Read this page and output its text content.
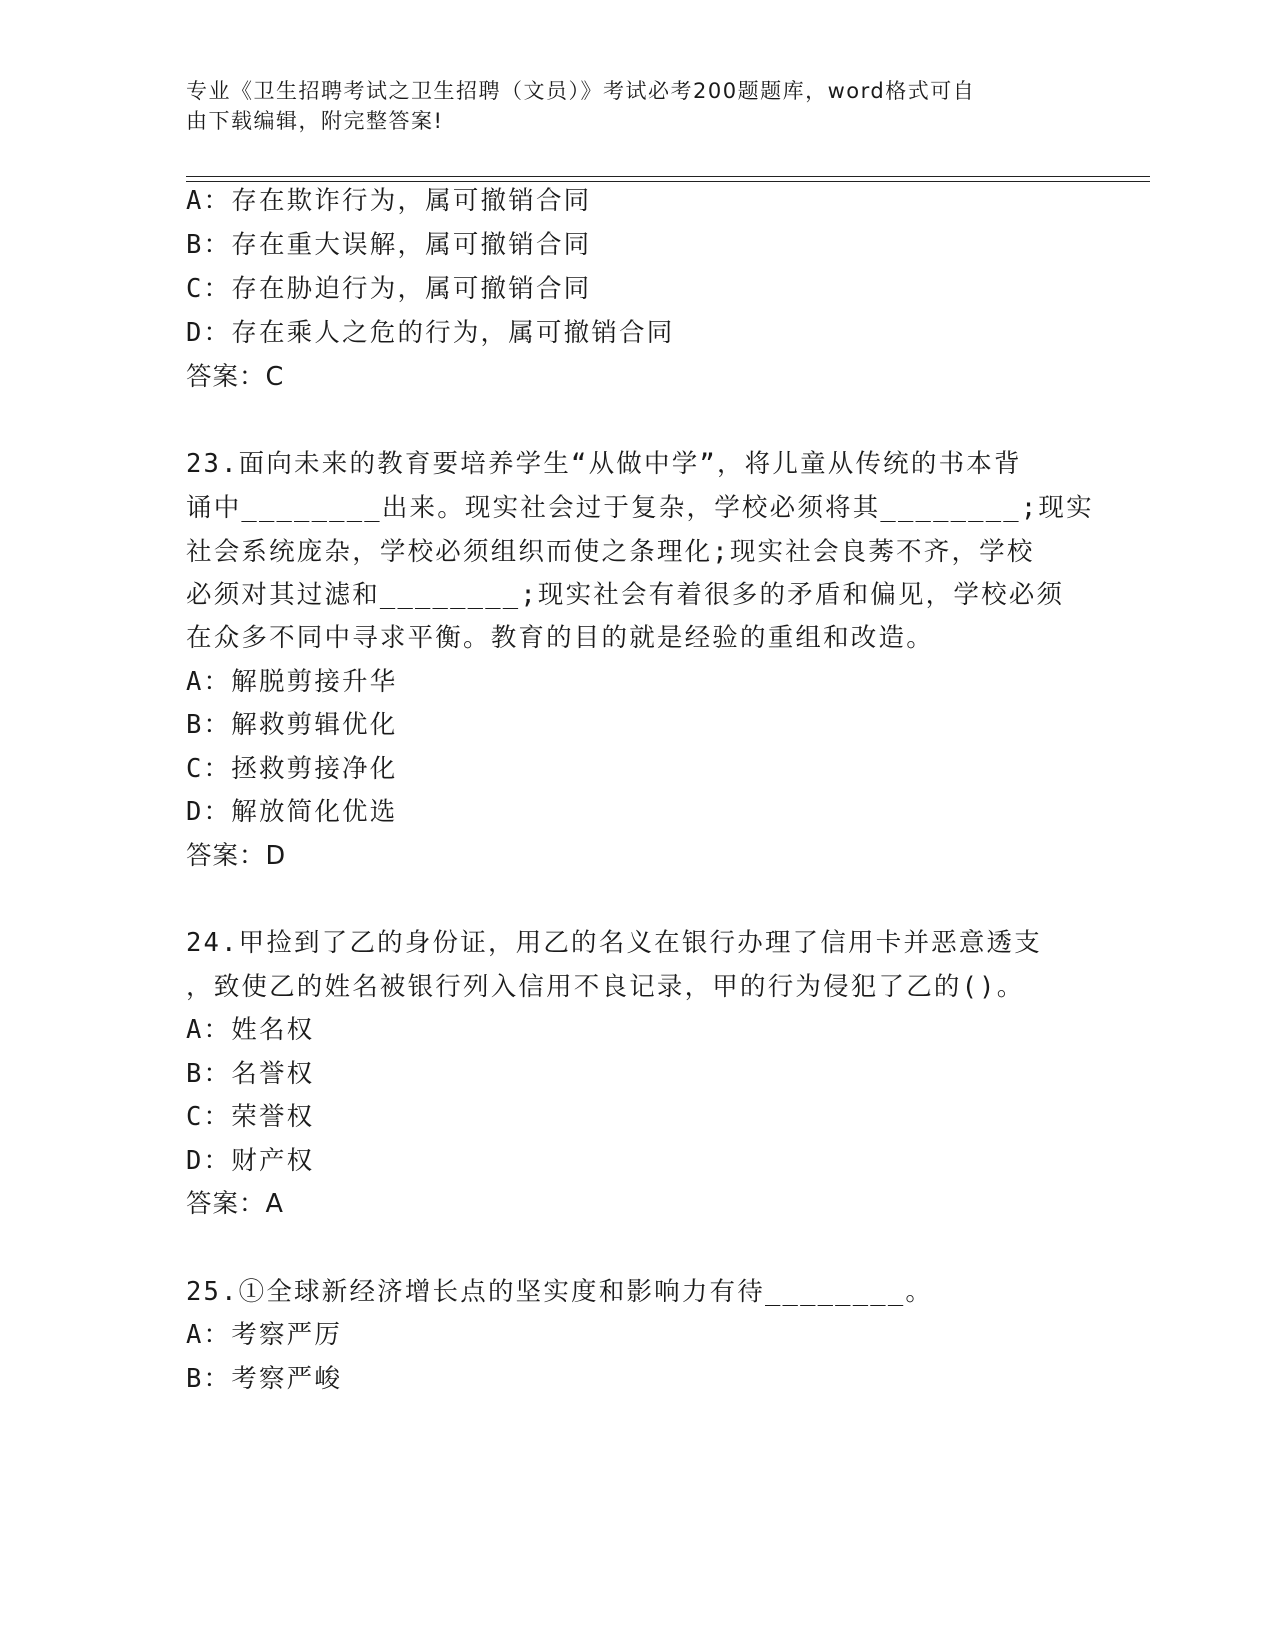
专业《卫生招聘考试之卫生招聘（文员）》考试必考200题题库，word格式可自
由下载编辑，附完整答案!
A：存在欺诈行为，属可撤销合同
B：存在重大误解，属可撤销合同
C：存在胁迫行为，属可撤销合同
D：存在乘人之危的行为，属可撤销合同
答案：C
23.面向未来的教育要培养学生“从做中学”，将儿童从传统的书本背
诵中________出来。现实社会过于复杂，学校必须将其________;现实
社会系统庞杂，学校必须组织而使之条理化;现实社会良莠不齐，学校
必须对其过滤和________;现实社会有着很多的矛盾和偏见，学校必须
在众多不同中寻求平衡。教育的目的就是经验的重组和改造。
A：解脱剪接升华
B：解救剪辑优化
C：拯救剪接净化
D：解放简化优选
答案：D
24.甲捡到了乙的身份证，用乙的名义在银行办理了信用卡并恶意透支
，致使乙的姓名被银行列入信用不良记录，甲的行为侵犯了乙的()。
A：姓名权
B：名誉权
C：荣誉权
D：财产权
答案：A
25.①全球新经济增长点的坚实度和影响力有待________。
A：考察严厉
B：考察严峻
